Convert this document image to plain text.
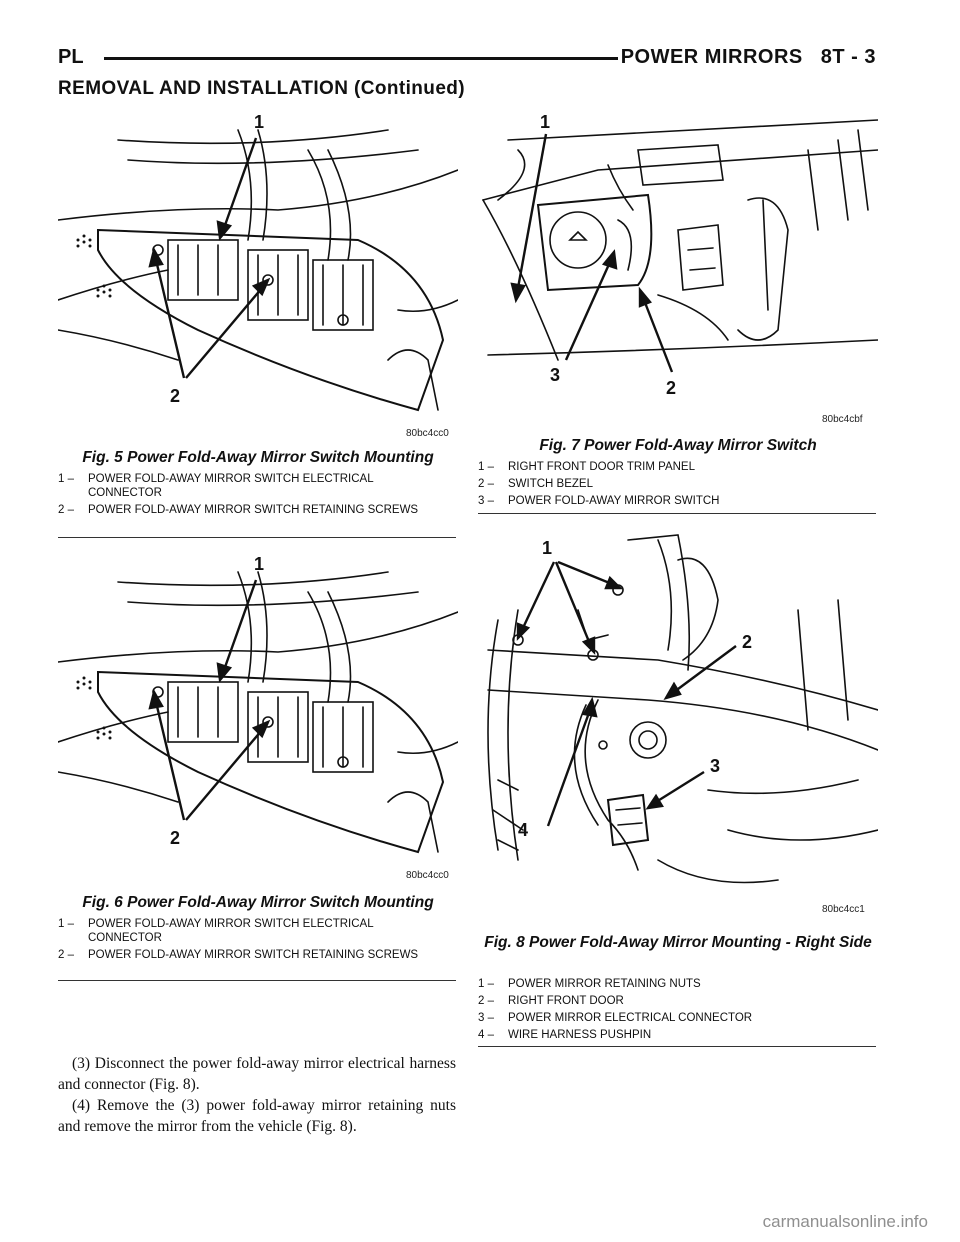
PL	POWER MIRRORS 8T - 3
REMOVAL AND INSTALLATION (Continued)
1
2
80bc4cc0
Fig. 5 Power Fold-Away Mirror Switch Mounting
1 –	POWER FOLD-AWAY MIRROR SWITCH ELECTRICAL CONNECTOR
2 –	POWER FOLD-AWAY MIRROR SWITCH RETAINING SCREWS
1
2
80bc4cc0
Fig. 6 Power Fold-Away Mirror Switch Mounting
1 –	POWER FOLD-AWAY MIRROR SWITCH ELECTRICAL CONNECTOR
2 –	POWER FOLD-AWAY MIRROR SWITCH RETAINING SCREWS

(3) Disconnect the power fold-away mirror electrical harness and connector (Fig. 8).

(4) Remove the (3) power fold-away mirror retaining nuts and remove the mirror from the vehicle (Fig. 8).

1
3
2
80bc4cbf
Fig. 7 Power Fold-Away Mirror Switch
1 –	RIGHT FRONT DOOR TRIM PANEL
2 –	SWITCH BEZEL
3 –	POWER FOLD-AWAY MIRROR SWITCH
1
2
3
4
80bc4cc1
Fig. 8 Power Fold-Away Mirror Mounting - Right Side
1 –	POWER MIRROR RETAINING NUTS
2 –	RIGHT FRONT DOOR
3 –	POWER MIRROR ELECTRICAL CONNECTOR
4 –	WIRE HARNESS PUSHPIN
carmanualsonline.info
